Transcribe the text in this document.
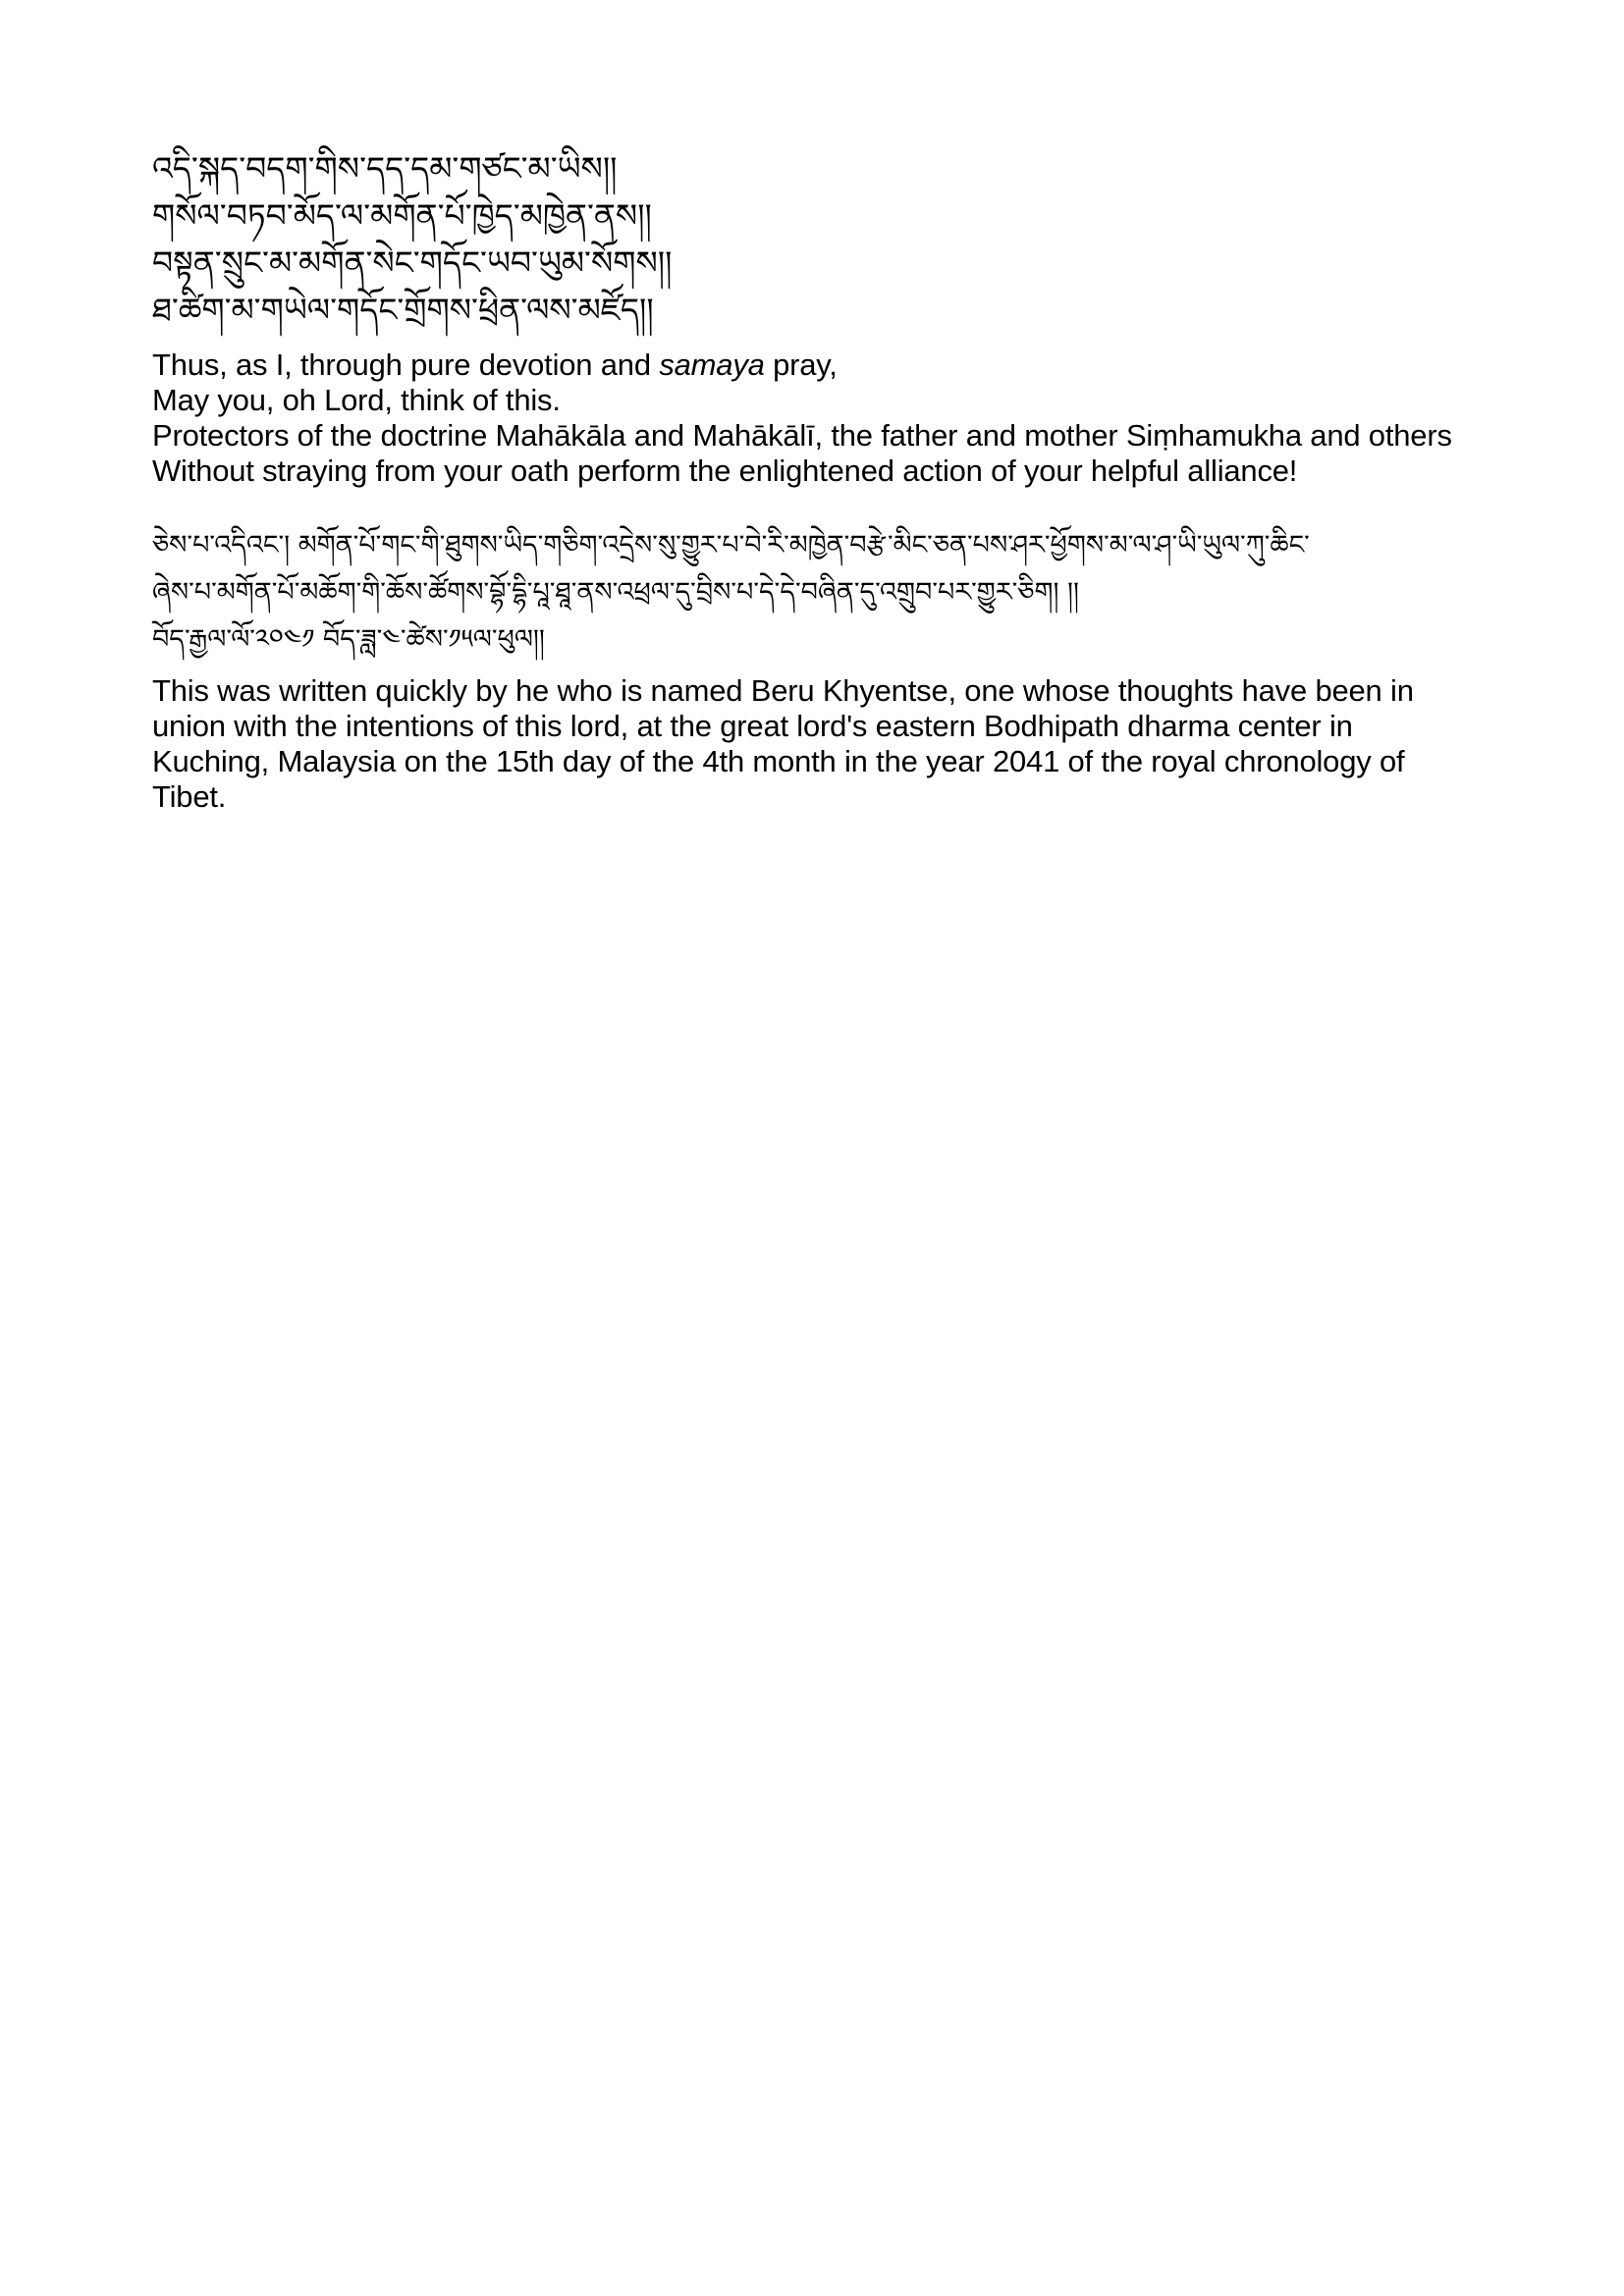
འདི་སྐད་བདག་གིས་དད་དམ་གཙང་མ་ཡིས།།
གསོལ་བཏབ་མོད་ལ་མགོན་པོ་ཁྱེད་མཁྱེན་ནས།།
བསྟན་སྲུང་མ་མགོན་སེང་གདོང་ཡབ་ཡུམ་སོགས།།
ཐ་ཚིག་མ་གཡེལ་གདོང་གྲོགས་ཕྲིན་ལས་མཛོད།།
Thus, as I, through pure devotion and samaya pray,
May you, oh Lord, think of this.
Protectors of the doctrine Mahākāla and Mahākālī, the father and mother Siṃhamukha and others
Without straying from your oath perform the enlightened action of your helpful alliance!
ཅེས་པ་འདིའང་། མགོན་པོ་གང་གི་ཐུགས་ཡིད་གཅིག་འདྲེས་སུ་གྱུར་པ་བེ་རི་མཁྱེན་བརྩེ་མིང་ཅན་པས་ཤར་ཕྱོགས་མ་ལ་ཤ་ཡི་ཡུལ་ཀུ་ཆིང་
ཞེས་པ་མགོན་པོ་མཆོག་གི་ཆོས་ཚོགས་བྷོ་དྷི་པཱ་ཐཱ་ནས་འཕྲལ་དུ་བྲིས་པ་དེ་དེ་བཞིན་དུ་འགྲུབ་པར་གྱུར་ཅིག། །།
བོད་རྒྱལ་ལོ་༢༠༤༡ བོད་ཟླ་༤་ཚེས་༡༥ལ་ཕུལ།།
This was written quickly by he who is named Beru Khyentse, one whose thoughts have been in
union with the intentions of this lord, at the great lord's eastern Bodhipath dharma center in
Kuching, Malaysia on the 15th day of the 4th month in the year 2041 of the royal chronology of
Tibet.
